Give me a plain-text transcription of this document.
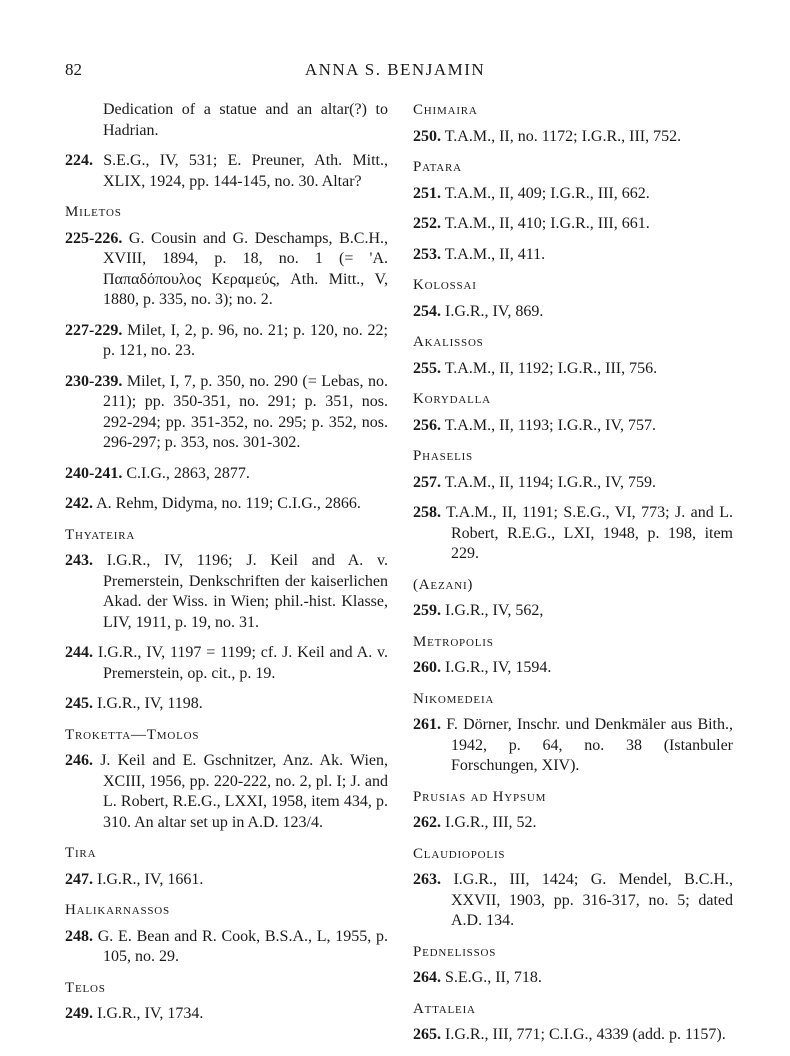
82	ANNA S. BENJAMIN

Dedication of a statue and an altar(?) to Hadrian.

224. S.E.G., IV, 531; E. Preuner, Ath. Mitt., XLIX, 1924, pp. 144-145, no. 30. Altar?

Miletos

225-226. G. Cousin and G. Deschamps, B.C.H., XVIII, 1894, p. 18, no. 1 (= 'Α. Παπαδόπουλος Κεραμεύς, Ath. Mitt., V, 1880, p. 335, no. 3); no. 2.

227-229. Milet, I, 2, p. 96, no. 21; p. 120, no. 22; p. 121, no. 23.

230-239. Milet, I, 7, p. 350, no. 290 (= Lebas, no. 211); pp. 350-351, no. 291; p. 351, nos. 292-294; pp. 351-352, no. 295; p. 352, nos. 296-297; p. 353, nos. 301-302.

240-241. C.I.G., 2863, 2877.

242. A. Rehm, Didyma, no. 119; C.I.G., 2866.

Thyateira

243. I.G.R., IV, 1196; J. Keil and A. v. Premerstein, Denkschriften der kaiserlichen Akad. der Wiss. in Wien; phil.-hist. Klasse, LIV, 1911, p. 19, no. 31.

244. I.G.R., IV, 1197 = 1199; cf. J. Keil and A. v. Premerstein, op. cit., p. 19.

245. I.G.R., IV, 1198.

Troketta—Tmolos

246. J. Keil and E. Gschnitzer, Anz. Ak. Wien, XCIII, 1956, pp. 220-222, no. 2, pl. I; J. and L. Robert, R.E.G., LXXI, 1958, item 434, p. 310. An altar set up in A.D. 123/4.

Tira

247. I.G.R., IV, 1661.

Halikarnassos

248. G. E. Bean and R. Cook, B.S.A., L, 1955, p. 105, no. 29.

Telos

249. I.G.R., IV, 1734.

Chimaira

250. T.A.M., II, no. 1172; I.G.R., III, 752.

Patara

251. T.A.M., II, 409; I.G.R., III, 662.

252. T.A.M., II, 410; I.G.R., III, 661.

253. T.A.M., II, 411.

Kolossai

254. I.G.R., IV, 869.

Akalissos

255. T.A.M., II, 1192; I.G.R., III, 756.

Korydalla

256. T.A.M., II, 1193; I.G.R., IV, 757.

Phaselis

257. T.A.M., II, 1194; I.G.R., IV, 759.

258. T.A.M., II, 1191; S.E.G., VI, 773; J. and L. Robert, R.E.G., LXI, 1948, p. 198, item 229.

(Aezani)

259. I.G.R., IV, 562,

Metropolis

260. I.G.R., IV, 1594.

Nikomedeia

261. F. Dörner, Inschr. und Denkmäler aus Bith., 1942, p. 64, no. 38 (Istanbuler Forschungen, XIV).

Prusias ad Hypsum

262. I.G.R., III, 52.

Claudiopolis

263. I.G.R., III, 1424; G. Mendel, B.C.H., XXVII, 1903, pp. 316-317, no. 5; dated A.D. 134.

Pednelissos

264. S.E.G., II, 718.

Attaleia

265. I.G.R., III, 771; C.I.G., 4339 (add. p. 1157).
